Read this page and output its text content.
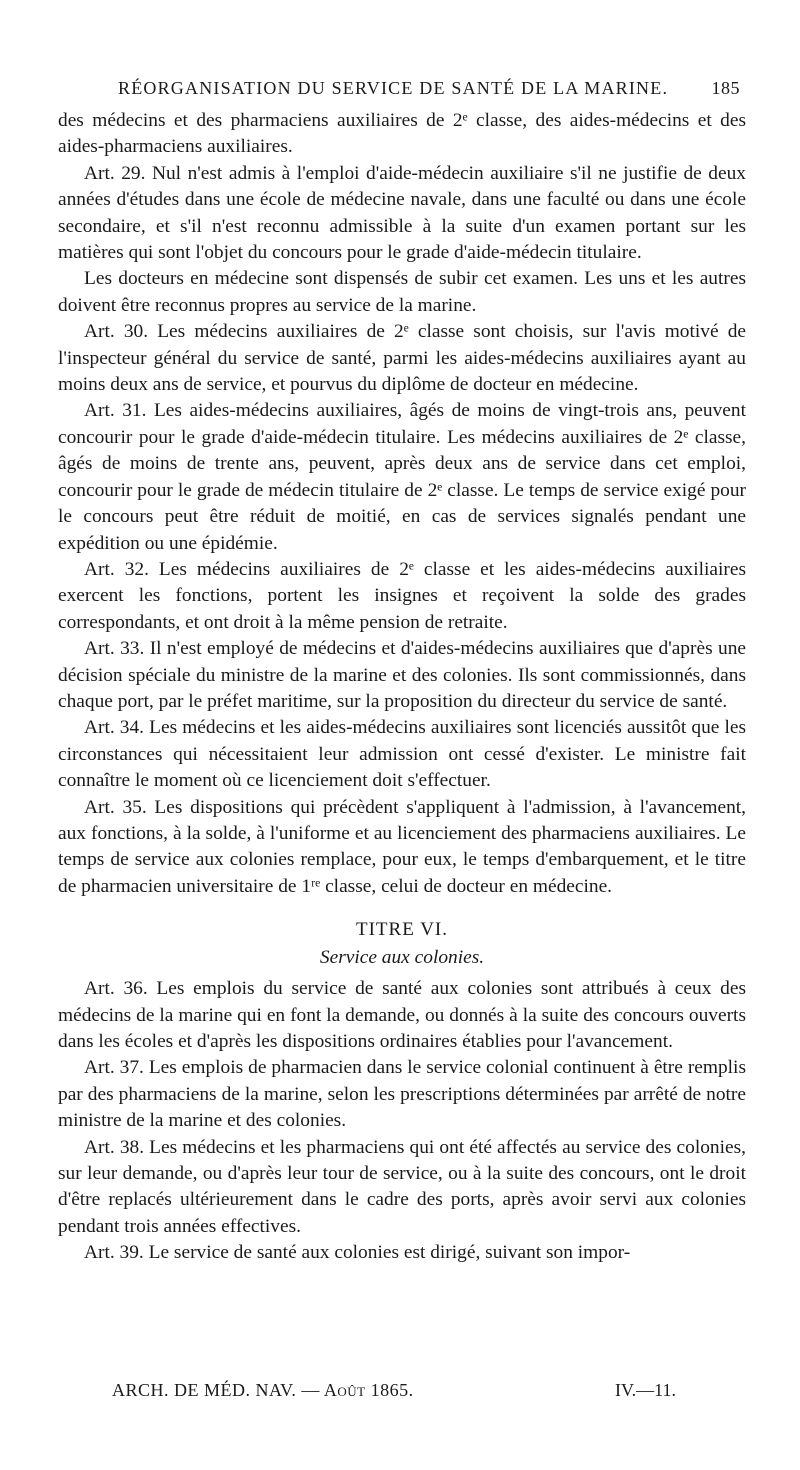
RÉORGANISATION DU SERVICE DE SANTÉ DE LA MARINE. 185

des médecins et des pharmaciens auxiliaires de 2ᵉ classe, des aides-médecins et des aides-pharmaciens auxiliaires.

Art. 29. Nul n'est admis à l'emploi d'aide-médecin auxiliaire s'il ne justifie de deux années d'études dans une école de médecine navale, dans une faculté ou dans une école secondaire, et s'il n'est reconnu admissible à la suite d'un examen portant sur les matières qui sont l'objet du concours pour le grade d'aide-médecin titulaire.

Les docteurs en médecine sont dispensés de subir cet examen. Les uns et les autres doivent être reconnus propres au service de la marine.

Art. 30. Les médecins auxiliaires de 2ᵉ classe sont choisis, sur l'avis motivé de l'inspecteur général du service de santé, parmi les aides-médecins auxiliaires ayant au moins deux ans de service, et pourvus du diplôme de docteur en médecine.

Art. 31. Les aides-médecins auxiliaires, âgés de moins de vingt-trois ans, peuvent concourir pour le grade d'aide-médecin titulaire. Les médecins auxiliaires de 2ᵉ classe, âgés de moins de trente ans, peuvent, après deux ans de service dans cet emploi, concourir pour le grade de médecin titulaire de 2ᵉ classe. Le temps de service exigé pour le concours peut être réduit de moitié, en cas de services signalés pendant une expédition ou une épidémie.

Art. 32. Les médecins auxiliaires de 2ᵉ classe et les aides-médecins auxiliaires exercent les fonctions, portent les insignes et reçoivent la solde des grades correspondants, et ont droit à la même pension de retraite.

Art. 33. Il n'est employé de médecins et d'aides-médecins auxiliaires que d'après une décision spéciale du ministre de la marine et des colonies. Ils sont commissionnés, dans chaque port, par le préfet maritime, sur la proposition du directeur du service de santé.

Art. 34. Les médecins et les aides-médecins auxiliaires sont licenciés aussitôt que les circonstances qui nécessitaient leur admission ont cessé d'exister. Le ministre fait connaître le moment où ce licenciement doit s'effectuer.

Art. 35. Les dispositions qui précèdent s'appliquent à l'admission, à l'avancement, aux fonctions, à la solde, à l'uniforme et au licenciement des pharmaciens auxiliaires. Le temps de service aux colonies remplace, pour eux, le temps d'embarquement, et le titre de pharmacien universitaire de 1ʳᵉ classe, celui de docteur en médecine.

TITRE VI.
Service aux colonies.

Art. 36. Les emplois du service de santé aux colonies sont attribués à ceux des médecins de la marine qui en font la demande, ou donnés à la suite des concours ouverts dans les écoles et d'après les dispositions ordinaires établies pour l'avancement.

Art. 37. Les emplois de pharmacien dans le service colonial continuent à être remplis par des pharmaciens de la marine, selon les prescriptions déterminées par arrêté de notre ministre de la marine et des colonies.

Art. 38. Les médecins et les pharmaciens qui ont été affectés au service des colonies, sur leur demande, ou d'après leur tour de service, ou à la suite des concours, ont le droit d'être replacés ultérieurement dans le cadre des ports, après avoir servi aux colonies pendant trois années effectives.

Art. 39. Le service de santé aux colonies est dirigé, suivant son impor-

ARCH. DE MÉD. NAV. — Août 1865.	IV.—11.
